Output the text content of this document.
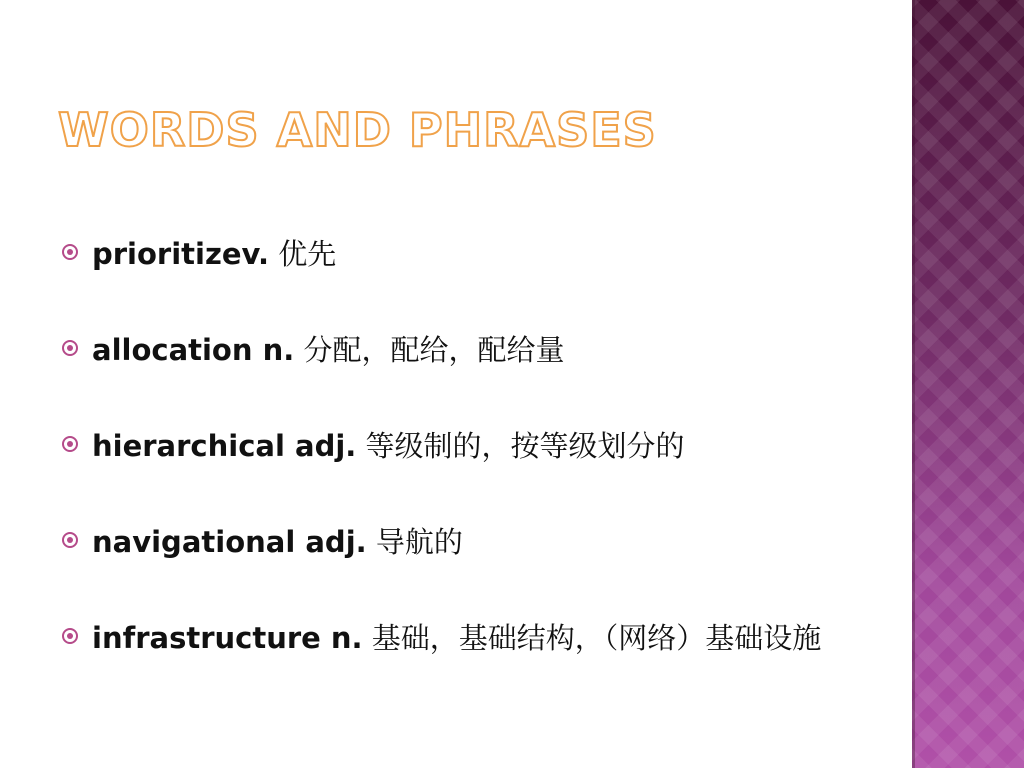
WORDS AND PHRASES
prioritizev. 优先
allocation n. 分配，配给，配给量
hierarchical adj. 等级制的，按等级划分的
navigational adj. 导航的
infrastructure n. 基础，基础结构，（网络）基础设施
